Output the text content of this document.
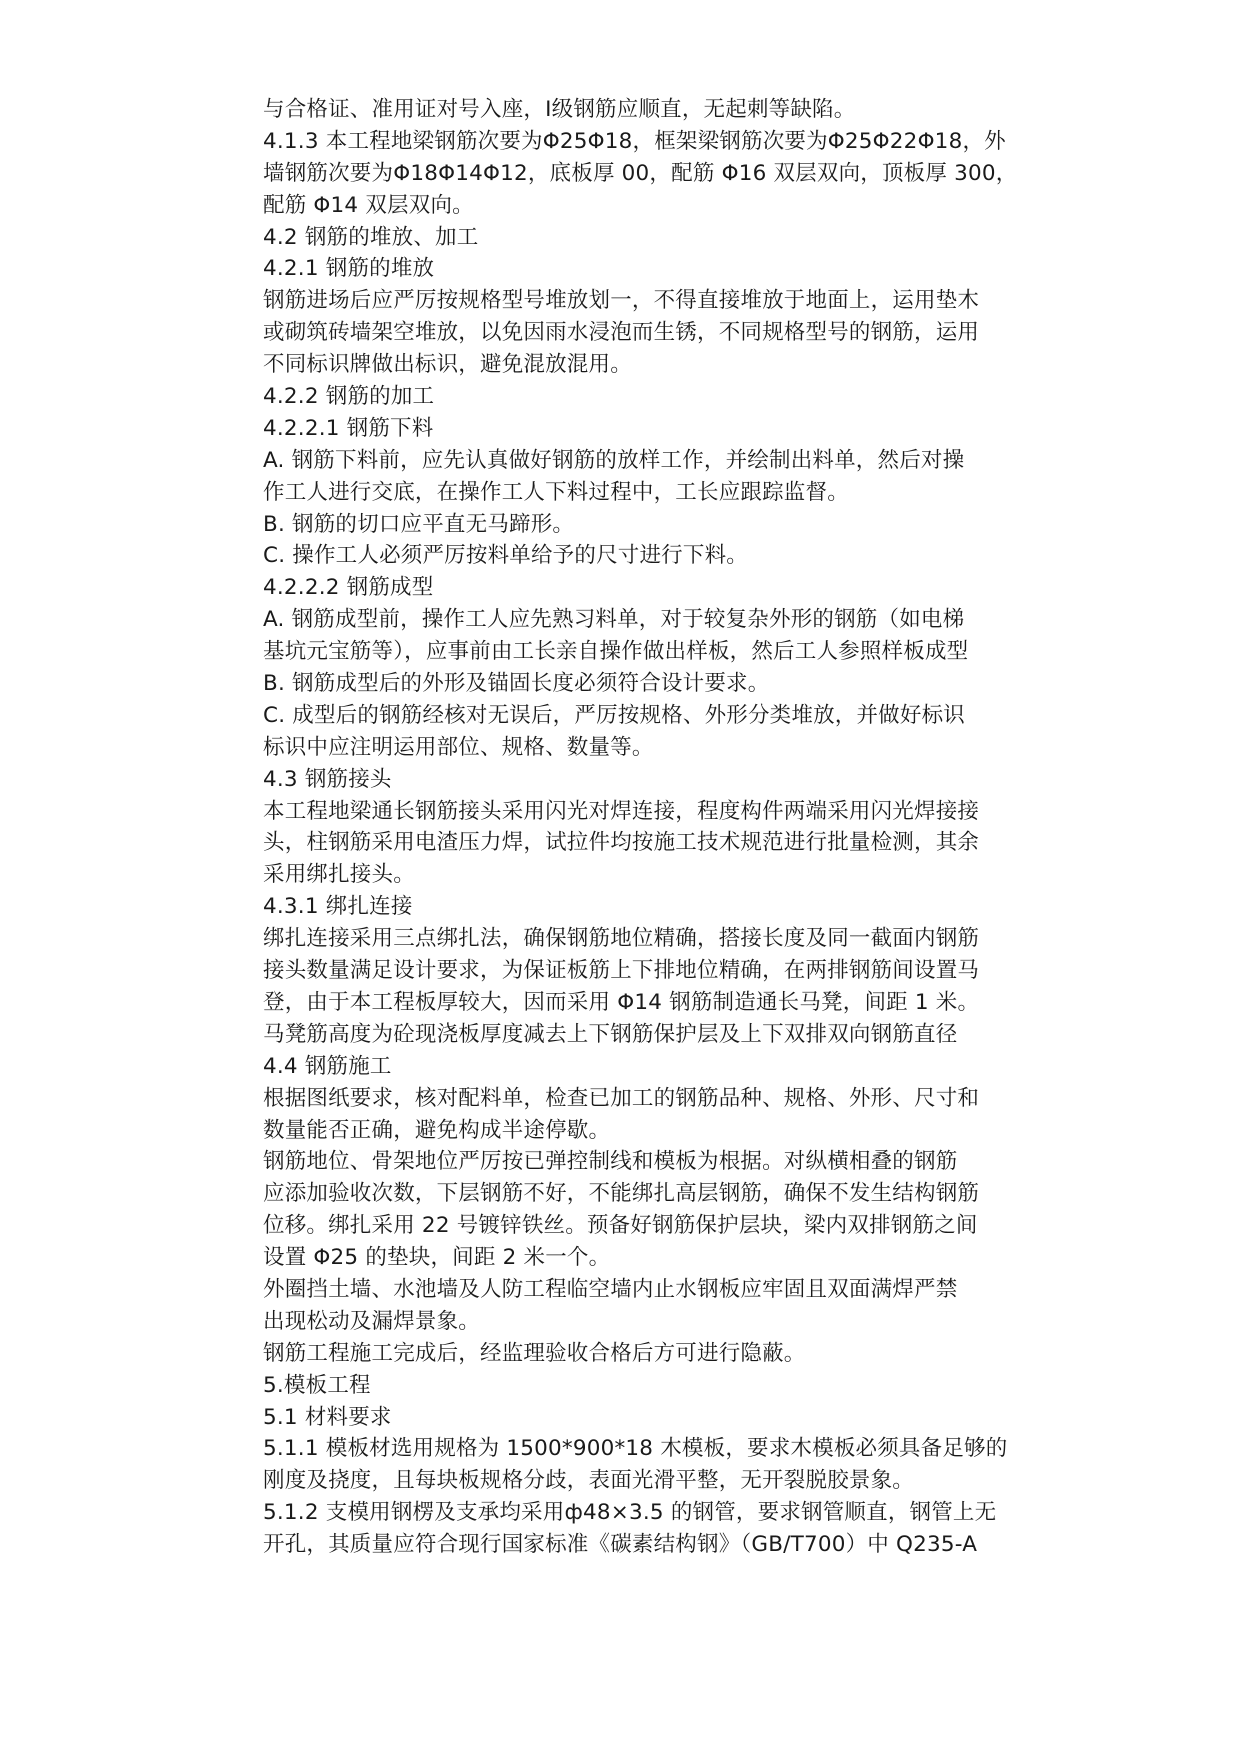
与合格证、准用证对号入座，Ⅰ级钢筋应顺直，无起刺等缺陷。
4.1.3 本工程地梁钢筋次要为Φ25Φ18，框架梁钢筋次要为Φ25Φ22Φ18，外
墙钢筋次要为Φ18Φ14Φ12，底板厚 00，配筋 Φ16 双层双向，顶板厚 300，
配筋 Φ14 双层双向。
4.2 钢筋的堆放、加工
4.2.1 钢筋的堆放
钢筋进场后应严厉按规格型号堆放划一，不得直接堆放于地面上，运用垫木
或砌筑砖墙架空堆放，以免因雨水浸泡而生锈，不同规格型号的钢筋，运用
不同标识牌做出标识，避免混放混用。
4.2.2 钢筋的加工
4.2.2.1 钢筋下料
A. 钢筋下料前，应先认真做好钢筋的放样工作，并绘制出料单，然后对操
作工人进行交底，在操作工人下料过程中，工长应跟踪监督。
B. 钢筋的切口应平直无马蹄形。
C. 操作工人必须严厉按料单给予的尺寸进行下料。
4.2.2.2 钢筋成型
A. 钢筋成型前，操作工人应先熟习料单，对于较复杂外形的钢筋（如电梯
基坑元宝筋等），应事前由工长亲自操作做出样板，然后工人参照样板成型
B. 钢筋成型后的外形及锚固长度必须符合设计要求。
C. 成型后的钢筋经核对无误后，严厉按规格、外形分类堆放，并做好标识
标识中应注明运用部位、规格、数量等。
4.3 钢筋接头
本工程地梁通长钢筋接头采用闪光对焊连接，程度构件两端采用闪光焊接接
头，柱钢筋采用电渣压力焊，试拉件均按施工技术规范进行批量检测，其余
采用绑扎接头。
4.3.1 绑扎连接
绑扎连接采用三点绑扎法，确保钢筋地位精确，搭接长度及同一截面内钢筋
接头数量满足设计要求，为保证板筋上下排地位精确，在两排钢筋间设置马
登，由于本工程板厚较大，因而采用 Φ14 钢筋制造通长马凳，间距 1 米。
马凳筋高度为砼现浇板厚度减去上下钢筋保护层及上下双排双向钢筋直径
4.4 钢筋施工
根据图纸要求，核对配料单，检查已加工的钢筋品种、规格、外形、尺寸和
数量能否正确，避免构成半途停歇。
钢筋地位、骨架地位严厉按已弹控制线和模板为根据。对纵横相叠的钢筋
应添加验收次数，下层钢筋不好，不能绑扎高层钢筋，确保不发生结构钢筋
位移。绑扎采用 22 号镀锌铁丝。预备好钢筋保护层块，梁内双排钢筋之间
设置 Φ25 的垫块，间距 2 米一个。
外圈挡土墙、水池墙及人防工程临空墙内止水钢板应牢固且双面满焊严禁
出现松动及漏焊景象。
钢筋工程施工完成后，经监理验收合格后方可进行隐蔽。
5.模板工程
5.1 材料要求
5.1.1 模板材选用规格为 1500*900*18 木模板，要求木模板必须具备足够的
刚度及挠度，且每块板规格分歧，表面光滑平整，无开裂脱胶景象。
5.1.2 支模用钢楞及支承均采用ф48×3.5 的钢管，要求钢管顺直，钢管上无
开孔，其质量应符合现行国家标准《碳素结构钢》（GB/T700）中 Q235-A
